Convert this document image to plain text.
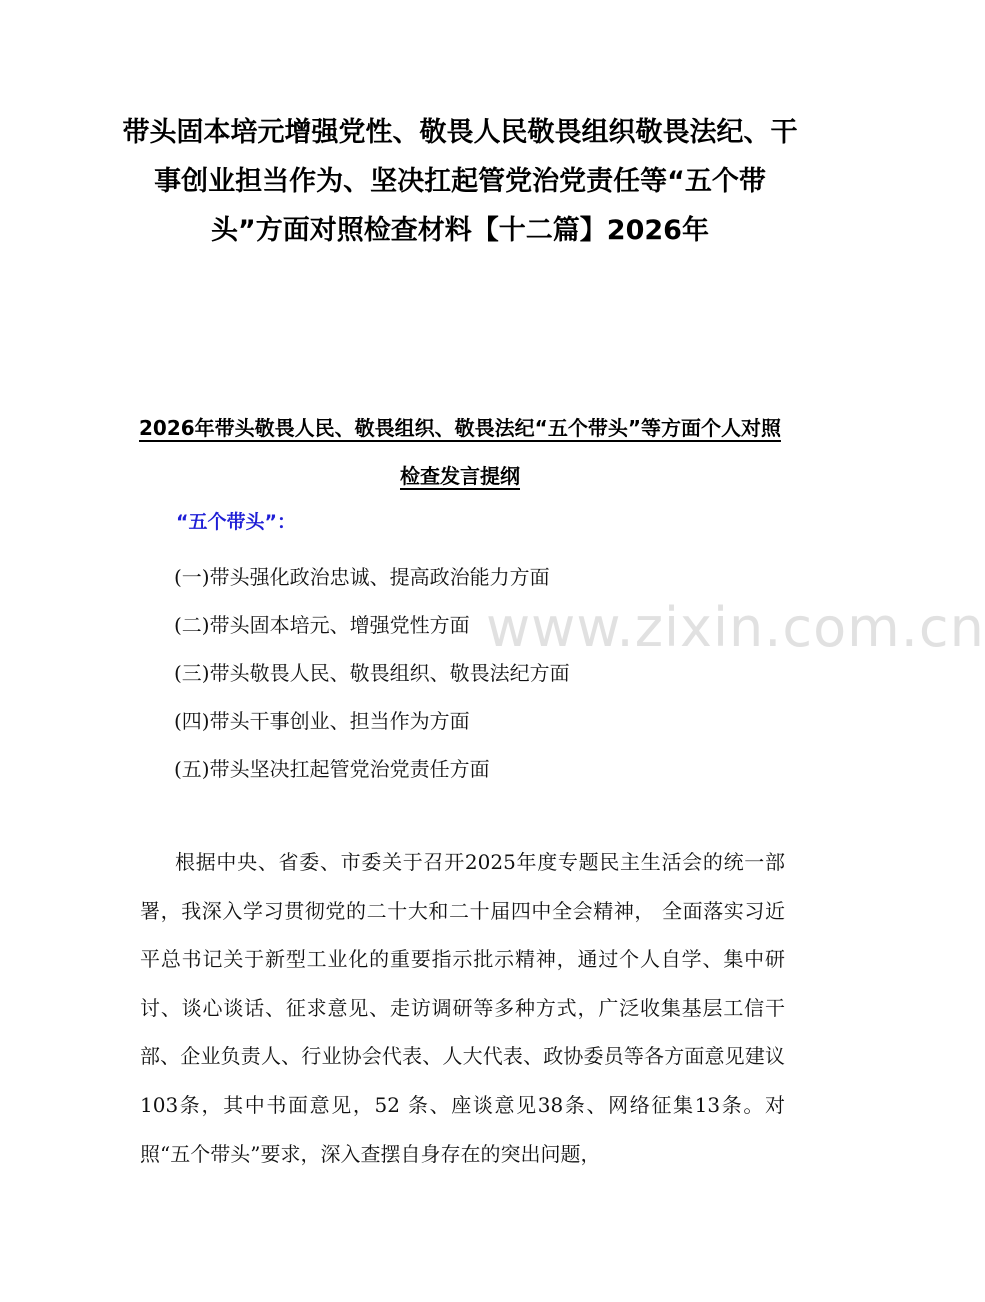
带头固本培元增强党性、敬畏人民敬畏组织敬畏法纪、干事创业担当作为、坚决扛起管党治党责任等“五个带头”方面对照检查材料【十二篇】2026年
2026年带头敬畏人民、敬畏组织、敬畏法纪“五个带头”等方面个人对照检查发言提纲
“五个带头”：
(一)带头强化政治忠诚、提高政治能力方面
(二)带头固本培元、增强党性方面
(三)带头敬畏人民、敬畏组织、敬畏法纪方面
(四)带头干事创业、担当作为方面
(五)带头坚决扛起管党治党责任方面

根据中央、省委、市委关于召开2025年度专题民主生活会的统一部署，我深入学习贯彻党的二十大和二十届四中全会精神， 全面落实习近平总书记关于新型工业化的重要指示批示精神，通过个人自学、集中研讨、谈心谈话、征求意见、走访调研等多种方式，广泛收集基层工信干部、企业负责人、行业协会代表、人大代表、政协委员等各方面意见建议103条，其中书面意见，52 条、座谈意见38条、网络征集13条。对照“五个带头”要求，深入查摆自身存在的突出问题，

www.zixin.com.cn
